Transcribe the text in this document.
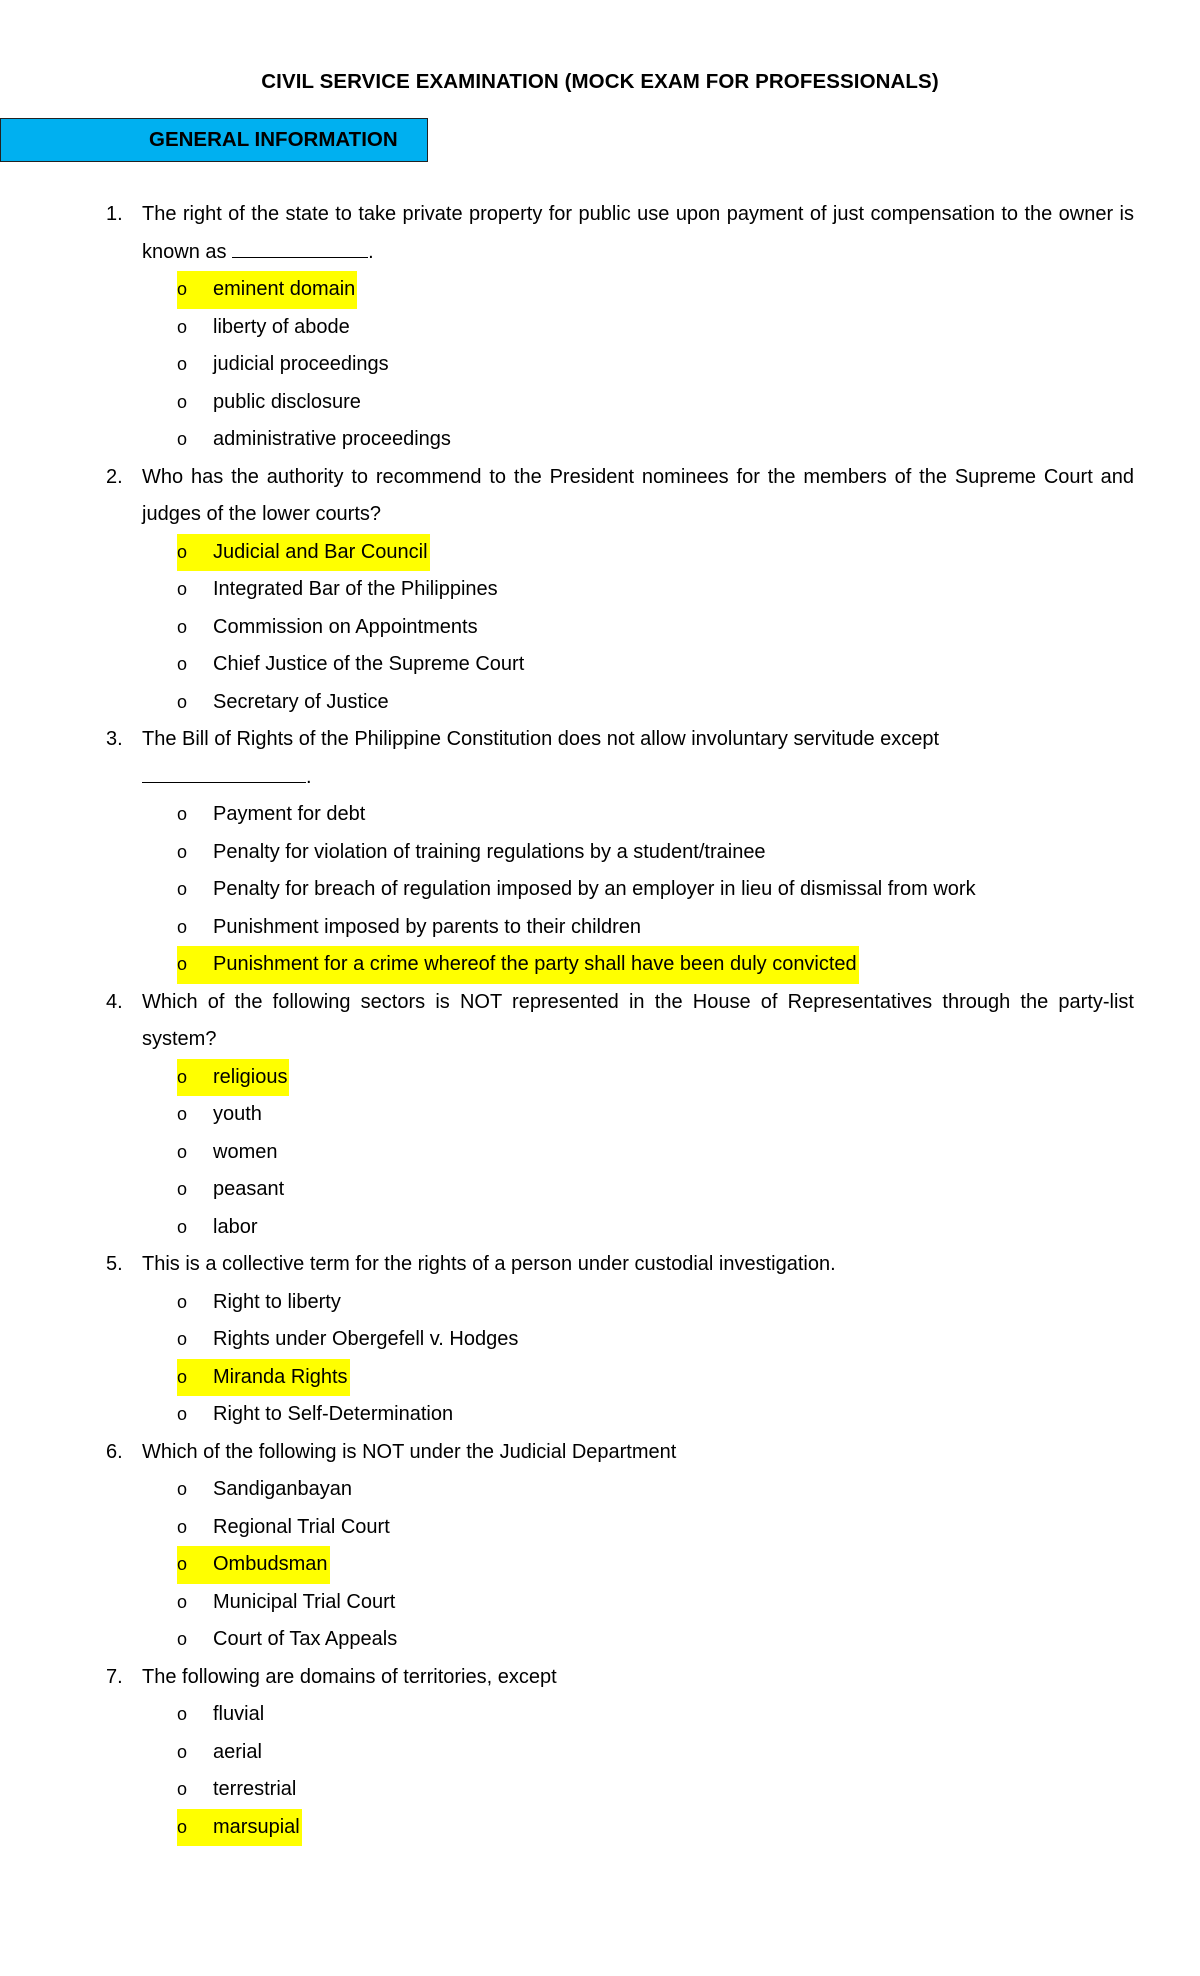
CIVIL SERVICE EXAMINATION (MOCK EXAM FOR PROFESSIONALS)
GENERAL INFORMATION
1. The right of the state to take private property for public use upon payment of just compensation to the owner is known as	.
o eminent domain
o liberty of abode
o judicial proceedings
o public disclosure
o administrative proceedings
2. Who has the authority to recommend to the President nominees for the members of the Supreme Court and judges of the lower courts?
o Judicial and Bar Council
o Integrated Bar of the Philippines
o Commission on Appointments
o Chief Justice of the Supreme Court
o Secretary of Justice
3. The Bill of Rights of the Philippine Constitution does not allow involuntary servitude except
.
o Payment for debt
o Penalty for violation of training regulations by a student/trainee
o Penalty for breach of regulation imposed by an employer in lieu of dismissal from work
o Punishment imposed by parents to their children
o Punishment for a crime whereof the party shall have been duly convicted
4. Which of the following sectors is NOT represented in the House of Representatives through the party-list system?
o religious
o youth
o women
o peasant
o labor
5. This is a collective term for the rights of a person under custodial investigation.
o Right to liberty
o Rights under Obergefell v. Hodges
o Miranda Rights
o Right to Self-Determination
6. Which of the following is NOT under the Judicial Department
o Sandiganbayan
o Regional Trial Court
o Ombudsman
o Municipal Trial Court
o Court of Tax Appeals
7. The following are domains of territories, except
o fluvial
o aerial
o terrestrial
o marsupial
